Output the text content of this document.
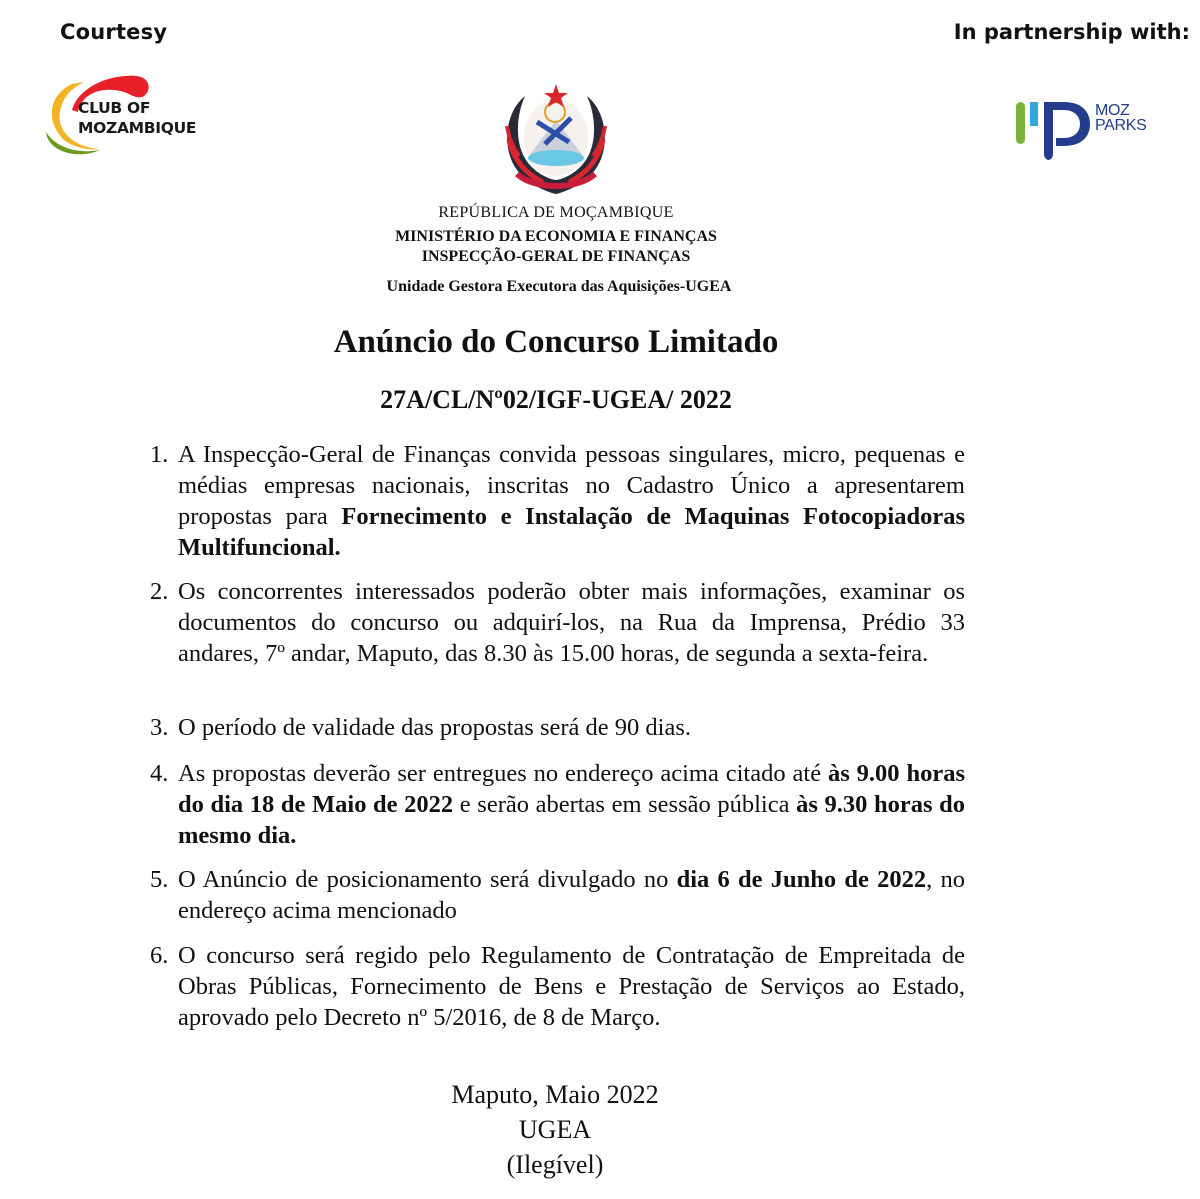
Courtesy	In partnership with:
CLUB OF
MOZAMBIQUE
MOZ
PARKS
REPÚBLICA DE MOÇAMBIQUE
MINISTÉRIO DA ECONOMIA E FINANÇAS
INSPECÇÃO-GERAL DE FINANÇAS
Unidade Gestora Executora das Aquisições-UGEA
Anúncio do Concurso Limitado
27A/CL/Nº02/IGF-UGEA/ 2022
1. A Inspecção-Geral de Finanças convida pessoas singulares, micro, pequenas e médias empresas nacionais, inscritas no Cadastro Único a apresentarem propostas para Fornecimento e Instalação de Maquinas Fotocopiadoras Multifuncional.
2. Os concorrentes interessados poderão obter mais informações, examinar os documentos do concurso ou adquirí-los, na Rua da Imprensa, Prédio 33 andares, 7º andar, Maputo, das 8.30 às 15.00 horas, de segunda a sexta-feira.
3. O período de validade das propostas será de 90 dias.
4. As propostas deverão ser entregues no endereço acima citado até às 9.00 horas do dia 18 de Maio de 2022 e serão abertas em sessão pública às 9.30 horas do mesmo dia.
5. O Anúncio de posicionamento será divulgado no dia 6 de Junho de 2022, no endereço acima mencionado
6. O concurso será regido pelo Regulamento de Contratação de Empreitada de Obras Públicas, Fornecimento de Bens e Prestação de Serviços ao Estado, aprovado pelo Decreto nº 5/2016, de 8 de Março.
Maputo, Maio 2022
UGEA
(Ilegível)
